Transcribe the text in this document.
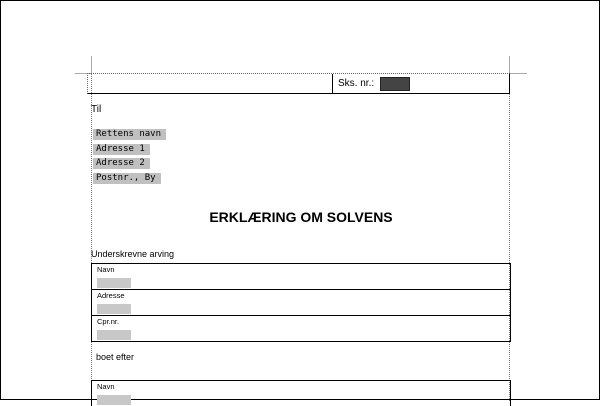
Sks. nr.:
Til
Rettens navn
Adresse 1
Adresse 2
Postnr., By
ERKLÆRING OM SOLVENS
Underskrevne arving
Navn
Adresse
Cpr.nr.
boet efter
Navn
